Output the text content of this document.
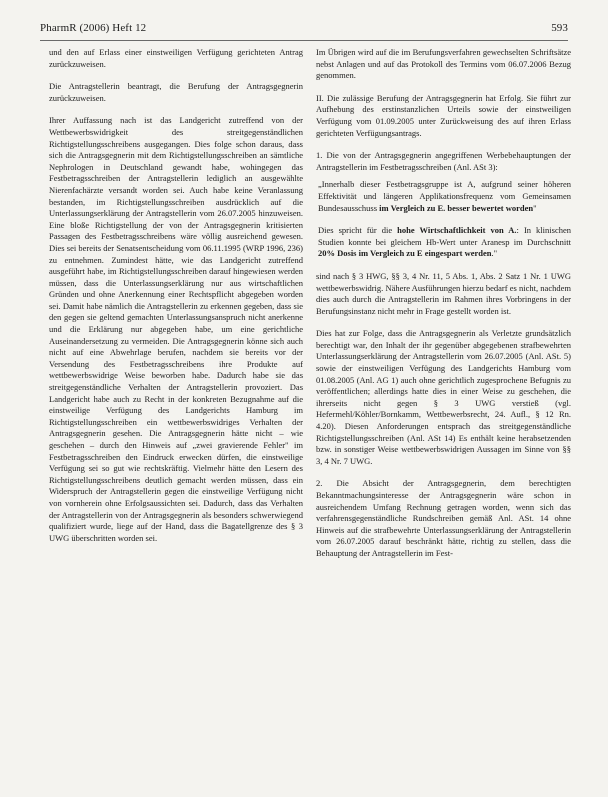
PharmR (2006) Heft 12	593

und den auf Erlass einer einstweiligen Verfügung gerichteten Antrag zurückzuweisen.

Die Antragstellerin beantragt, die Berufung der Antragsgegnerin zurückzuweisen.

Ihrer Auffassung nach ist das Landgericht zutreffend von der Wettbewerbswidrigkeit des streitgegenständlichen Richtigstellungsschreibens ausgegangen. Dies folge schon daraus, dass sich die Antragsgegnerin mit dem Richtigstellungsschreiben an sämtliche Nephrologen in Deutschland gewandt habe, wohingegen das Festbetragsschreiben der Antragstellerin lediglich an ausgewählte Nierenfachärzte versandt worden sei. Auch habe keine Veranlassung bestanden, im Richtigstellungsschreiben ausdrücklich auf die Unterlassungserklärung der Antragstellerin vom 26.07.2005 hinzuweisen. Eine bloße Richtigstellung der von der Antragsgegnerin kritisierten Passagen des Festbetragsschreibens wäre völlig ausreichend gewesen. Dies sei bereits der Senatsentscheidung vom 06.11.1995 (WRP 1996, 236) zu entnehmen. Zumindest hätte, wie das Landgericht zutreffend ausgeführt habe, im Richtigstellungsschreiben darauf hingewiesen werden müssen, dass die Unterlassungserklärung nur aus wirtschaftlichen Gründen und ohne Anerkennung einer Rechtspflicht abgegeben worden sei. Damit habe nämlich die Antragstellerin zu erkennen gegeben, dass sie den gegen sie geltend gemachten Unterlassungsanspruch nicht anerkenne und die Erklärung nur abgegeben habe, um eine gerichtliche Auseinandersetzung zu vermeiden. Die Antragsgegnerin könne sich auch nicht auf eine Abwehrlage berufen, nachdem sie bereits vor der Versendung des Festbetragsschreibens ihre Produkte auf wettbewerbswidrige Weise beworben habe. Dadurch habe sie das streitgegenständliche Verhalten der Antragstellerin provoziert. Das Landgericht habe auch zu Recht in der konkreten Bezugnahme auf die einstweilige Verfügung des Landgerichts Hamburg im Richtigstellungsschreiben ein wettbewerbswidriges Verhalten der Antragsgegnerin gesehen. Die Antragsgegnerin hätte nicht – wie geschehen – durch den Hinweis auf „zwei gravierende Fehler" im Festbetragsschreiben den Eindruck erwecken dürfen, die einstweilige Verfügung sei so gut wie rechtskräftig. Vielmehr hätte den Lesern des Richtigstellungsschreibens deutlich gemacht werden müssen, dass ein Widerspruch der Antragstellerin gegen die einstweilige Verfügung nicht von vornherein ohne Erfolgsaussichten sei. Dadurch, dass das Verhalten der Antragstellerin von der Antragsgegnerin als besonders schwerwiegend qualifiziert wurde, liege auf der Hand, dass die Bagatellgrenze des § 3 UWG überschritten worden sei.

Im Übrigen wird auf die im Berufungsverfahren gewechselten Schriftsätze nebst Anlagen und auf das Protokoll des Termins vom 06.07.2006 Bezug genommen.

II. Die zulässige Berufung der Antragsgegnerin hat Erfolg. Sie führt zur Aufhebung des erstinstanzlichen Urteils sowie der einstweiligen Verfügung vom 01.09.2005 unter Zurückweisung des auf ihren Erlass gerichteten Verfügungsantrags.

1. Die von der Antragsgegnerin angegriffenen Werbebehauptungen der Antragstellerin im Festbetragsschreiben (Anl. ASt 3):

„Innerhalb dieser Festbetragsgruppe ist A, aufgrund seiner höheren Effektivität und längeren Applikationsfrequenz vom Gemeinsamen Bundesausschuss im Vergleich zu E. besser bewertet worden"

Dies spricht für die hohe Wirtschaftlichkeit von A.: In klinischen Studien konnte bei gleichem Hb-Wert unter Aranesp im Durchschnitt 20% Dosis im Vergleich zu E eingespart werden."

sind nach § 3 HWG, §§ 3, 4 Nr. 11, 5 Abs. 1, Abs. 2 Satz 1 Nr. 1 UWG wettbewerbswidrig. Nähere Ausführungen hierzu bedarf es nicht, nachdem dies auch durch die Antragstellerin im Rahmen ihres Vorbringens in der Berufungsinstanz nicht mehr in Frage gestellt worden ist.

Dies hat zur Folge, dass die Antragsgegnerin als Verletzte grundsätzlich berechtigt war, den Inhalt der ihr gegenüber abgegebenen strafbewehrten Unterlassungserklärung der Antragstellerin vom 26.07.2005 (Anl. ASt. 5) sowie der einstweiligen Verfügung des Landgerichts Hamburg vom 01.08.2005 (Anl. AG 1) auch ohne gerichtlich zugesprochene Befugnis zu veröffentlichen; allerdings hatte dies in einer Weise zu geschehen, die ihrerseits nicht gegen § 3 UWG verstieß (vgl. Hefermehl/Köhler/Bornkamm, Wettbewerbsrecht, 24. Aufl., § 12 Rn. 4.20). Diesen Anforderungen entsprach das streitgegenständliche Richtigstellungsschreiben (Anl. ASt 14) Es enthält keine herabsetzenden bzw. in sonstiger Weise wettbewerbswidrigen Aussagen im Sinne von §§ 3, 4 Nr. 7 UWG.

2. Die Absicht der Antragsgegnerin, dem berechtigten Bekanntmachungsinteresse der Antragsgegnerin wäre schon in ausreichendem Umfang Rechnung getragen worden, wenn sich das verfahrensgegenständliche Rundschreiben gemäß Anl. ASt. 14 ohne Hinweis auf die strafbewehrte Unterlassungserklärung der Antragstellerin vom 26.07.2005 darauf beschränkt hätte, richtig zu stellen, dass die Behauptung der Antragstellerin im Fest-
